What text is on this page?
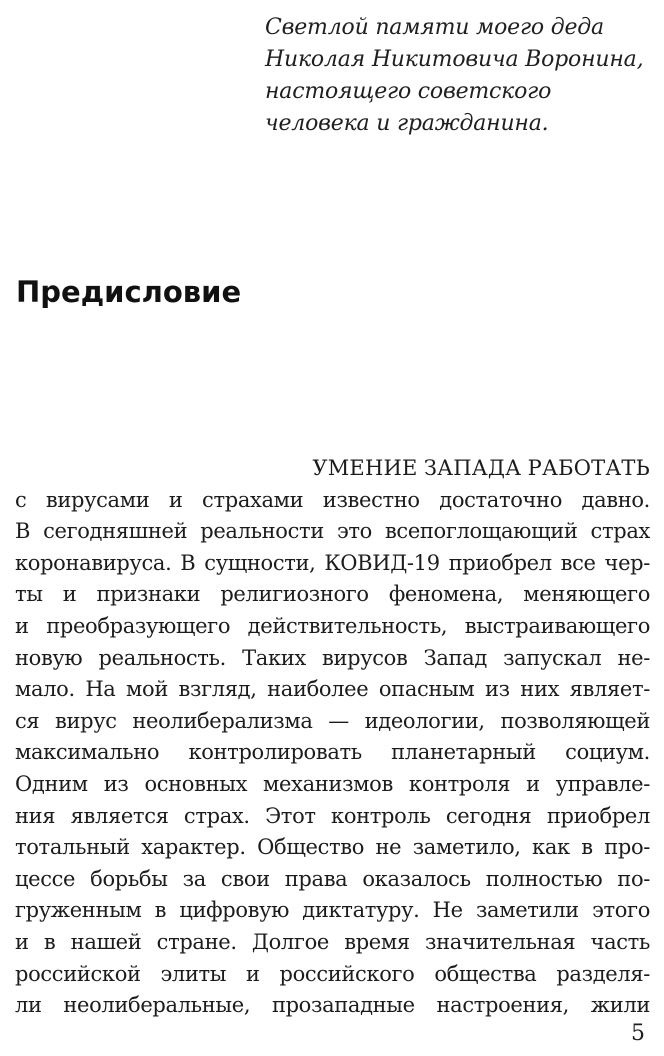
Светлой памяти моего деда
Николая Никитовича Воронина,
настоящего советского
человека и гражданина.
Предисловие
УМЕНИЕ ЗАПАДА РАБОТАТЬ
с вирусами и страхами известно достаточно давно.
В сегодняшней реальности это всепоглощающий страх
коронавируса. В сущности, КОВИД-19 приобрел все чер-
ты и признаки религиозного феномена, меняющего
и преобразующего действительность, выстраивающего
новую реальность. Таких вирусов Запад запускал не-
мало. На мой взгляд, наиболее опасным из них являет-
ся вирус неолиберализма — идеологии, позволяющей
максимально контролировать планетарный социум.
Одним из основных механизмов контроля и управле-
ния является страх. Этот контроль сегодня приобрел
тотальный характер. Общество не заметило, как в про-
цессе борьбы за свои права оказалось полностью по-
груженным в цифровую диктатуру. Не заметили этого
и в нашей стране. Долгое время значительная часть
российской элиты и российского общества разделя-
ли неолиберальные, прозападные настроения, жили
5
